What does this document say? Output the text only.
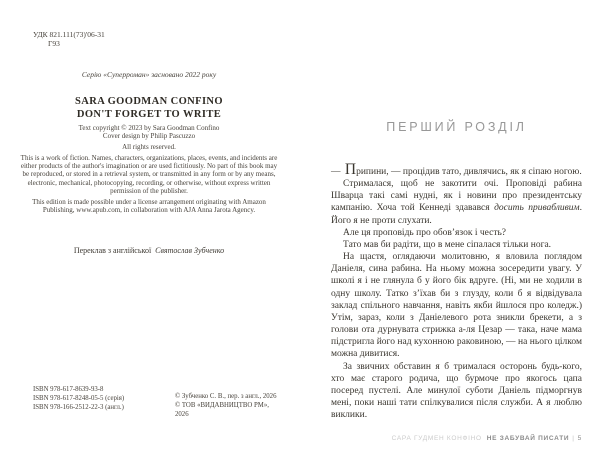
УДК 821.111(73)'06-31
Г93
Серію «Суперроман» засновано 2022 року
SARA GOODMAN CONFINO
DON'T FORGET TO WRITE

Text copyright © 2023 by Sara Goodman Confino
Cover design by Philip Pascuzzo

All rights reserved.

This is a work of fiction. Names, characters, organizations, places, events, and incidents are either products of the author's imagination or are used fictitiously. No part of this book may be reproduced, or stored in a retrieval system, or transmitted in any form or by any means, electronic, mechanical, photocopying, recording, or otherwise, without express written permission of the publisher.

This edition is made possible under a license arrangement originating with Amazon Publishing, www.apub.com, in collaboration with AJA Anna Jarota Agency.

Переклав з англійської Святослав Зубченко
ISBN 978-617-8639-93-8
ISBN 978-617-8248-05-5 (серія)
ISBN 978-166-2512-22-3 (англ.)
© Зубченко С. В., пер. з англ., 2026
© ТОВ «ВИДАВНИЦТВО РМ», 2026
ПЕРШИЙ РОЗДІЛ

— Припини, — процідив тато, дивлячись, як я сіпаю ногою.

Стрималася, щоб не закотити очі. Проповіді рабина Шварца такі самі нудні, як і новини про президентську кампанію. Хоча той Кеннеді здавався досить привабливим. Його я не проти слухати.

Але ця проповідь про обов’язок і честь?

Тато мав би радіти, що в мене сіпалася тільки нога.

На щастя, оглядаючи молитовню, я вловила поглядом Даніеля, сина рабина. На ньому можна зосередити увагу. У школі я і не глянула б у його бік вдруге. (Ні, ми не ходили в одну школу. Татко з’їхав би з глузду, коли б я відвідувала заклад спільного навчання, навіть якби йшлося про коледж.) Утім, зараз, коли з Даніелевого рота зникли брекети, а з голови ота дурнувата стрижка а-ля Цезар — така, наче мама підстригла його над кухонною раковиною, — на нього цілком можна дивитися.

За звичних обставин я б трималася осторонь будь-кого, хто має старого родича, що бурмоче про якогось цапа посеред пустелі. Але минулої суботи Даніель підморгнув мені, поки наші тати спілкувалися після служби. А я люблю виклики.

САРА ГУДМЕН КОНФІНО НЕ ЗАБУВАЙ ПИСАТИ | 5
